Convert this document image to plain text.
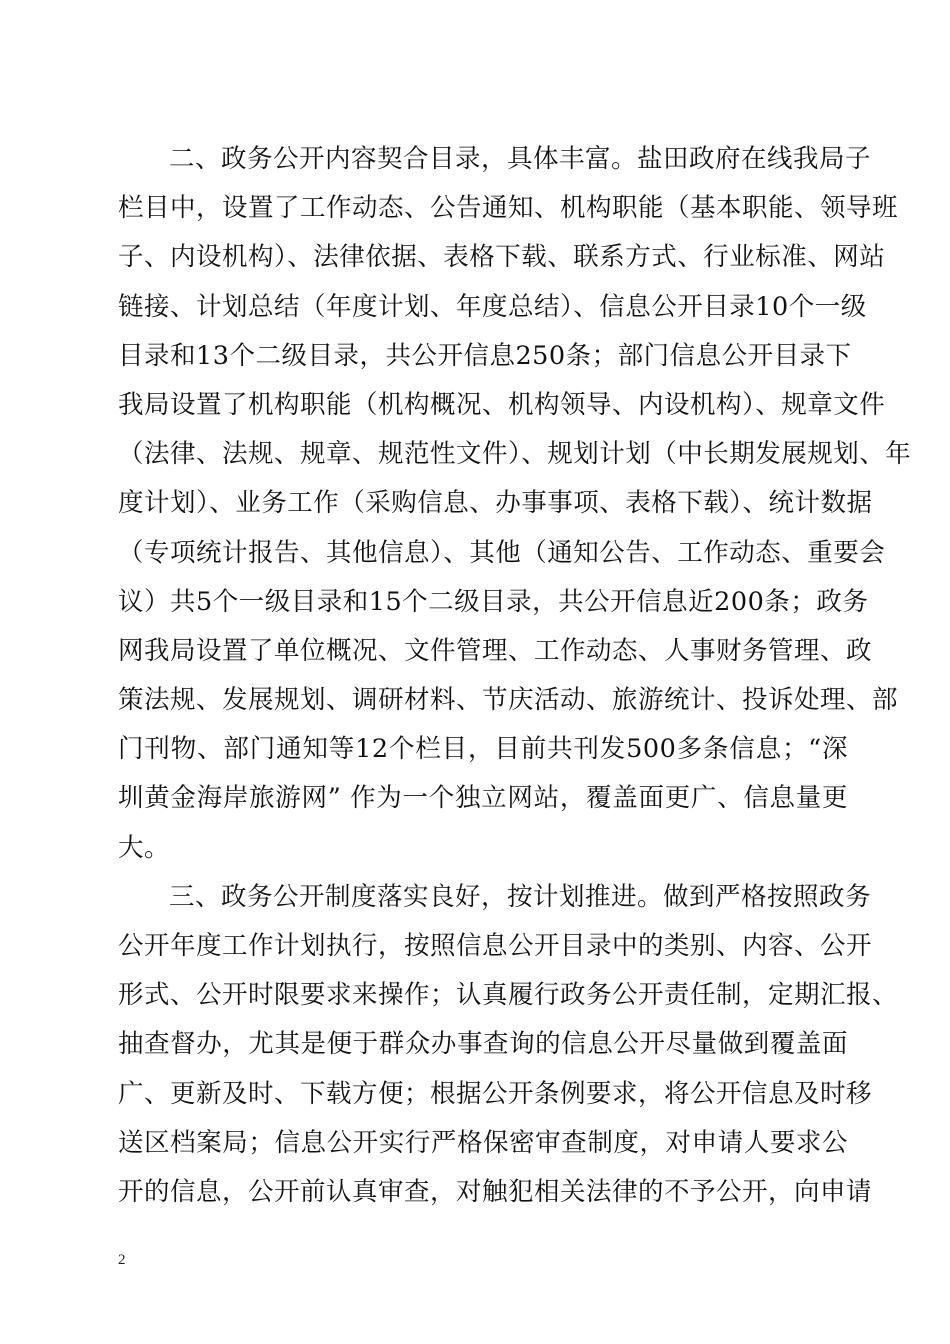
二、政务公开内容契合目录，具体丰富。盐田政府在线我局子
栏目中，设置了工作动态、公告通知、机构职能（基本职能、领导班
子、内设机构）、法律依据、表格下载、联系方式、行业标准、网站
链接、计划总结（年度计划、年度总结）、信息公开目录10个一级
目录和13个二级目录，共公开信息250条；部门信息公开目录下
我局设置了机构职能（机构概况、机构领导、内设机构）、规章文件
（法律、法规、规章、规范性文件）、规划计划（中长期发展规划、年
度计划）、业务工作（采购信息、办事事项、表格下载）、统计数据
（专项统计报告、其他信息）、其他（通知公告、工作动态、重要会
议）共5个一级目录和15个二级目录，共公开信息近200条；政务
网我局设置了单位概况、文件管理、工作动态、人事财务管理、政
策法规、发展规划、调研材料、节庆活动、旅游统计、投诉处理、部
门刊物、部门通知等12个栏目，目前共刊发500多条信息；“深
圳黄金海岸旅游网” 作为一个独立网站，覆盖面更广、信息量更
大。
三、政务公开制度落实良好，按计划推进。做到严格按照政务
公开年度工作计划执行，按照信息公开目录中的类别、内容、公开
形式、公开时限要求来操作；认真履行政务公开责任制，定期汇报、
抽查督办，尤其是便于群众办事查询的信息公开尽量做到覆盖面
广、更新及时、下载方便；根据公开条例要求，将公开信息及时移
送区档案局；信息公开实行严格保密审查制度，对申请人要求公
开的信息，公开前认真审查，对触犯相关法律的不予公开，向申请
2
